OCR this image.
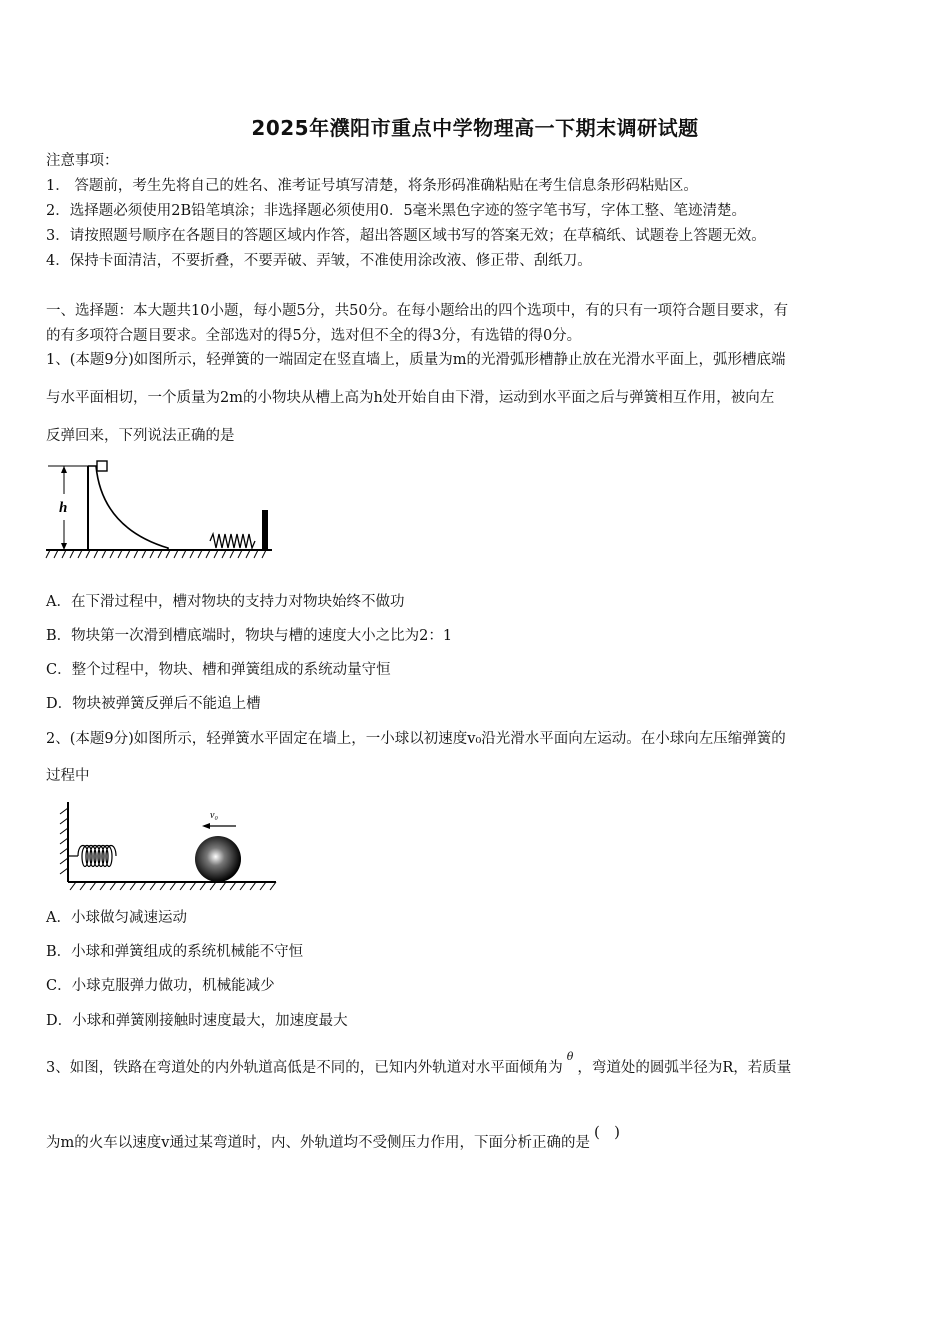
2025年濮阳市重点中学物理高一下期末调研试题
注意事项：
1． 答题前，考生先将自己的姓名、准考证号填写清楚，将条形码准确粘贴在考生信息条形码粘贴区。
2．选择题必须使用2B铅笔填涂；非选择题必须使用0．5毫米黑色字迹的签字笔书写，字体工整、笔迹清楚。
3．请按照题号顺序在各题目的答题区域内作答，超出答题区域书写的答案无效；在草稿纸、试题卷上答题无效。
4．保持卡面清洁，不要折叠，不要弄破、弄皱，不准使用涂改液、修正带、刮纸刀。
一、选择题：本大题共10小题，每小题5分，共50分。在每小题给出的四个选项中，有的只有一项符合题目要求，有
的有多项符合题目要求。全部选对的得5分，选对但不全的得3分，有选错的得0分。
1、(本题9分)如图所示，轻弹簧的一端固定在竖直墙上，质量为m的光滑弧形槽静止放在光滑水平面上，弧形槽底端
与水平面相切，一个质量为2m的小物块从槽上高为h处开始自由下滑，运动到水平面之后与弹簧相互作用，被向左
反弹回来，下列说法正确的是
h
A．在下滑过程中，槽对物块的支持力对物块始终不做功
B．物块第一次滑到槽底端时，物块与槽的速度大小之比为2：1
C．整个过程中，物块、槽和弹簧组成的系统动量守恒
D．物块被弹簧反弹后不能追上槽
2、(本题9分)如图所示，轻弹簧水平固定在墙上，一小球以初速度v₀沿光滑水平面向左运动。在小球向左压缩弹簧的
过程中
v₀
A．小球做匀减速运动
B．小球和弹簧组成的系统机械能不守恒
C．小球克服弹力做功，机械能减少
D．小球和弹簧刚接触时速度最大，加速度最大
3、如图，铁路在弯道处的内外轨道高低是不同的，已知内外轨道对水平面倾角为$^\theta$，弯道处的圆弧半径为R，若质量
为m的火车以速度v通过某弯道时，内、外轨道均不受侧压力作用，下面分析正确的是(   )
